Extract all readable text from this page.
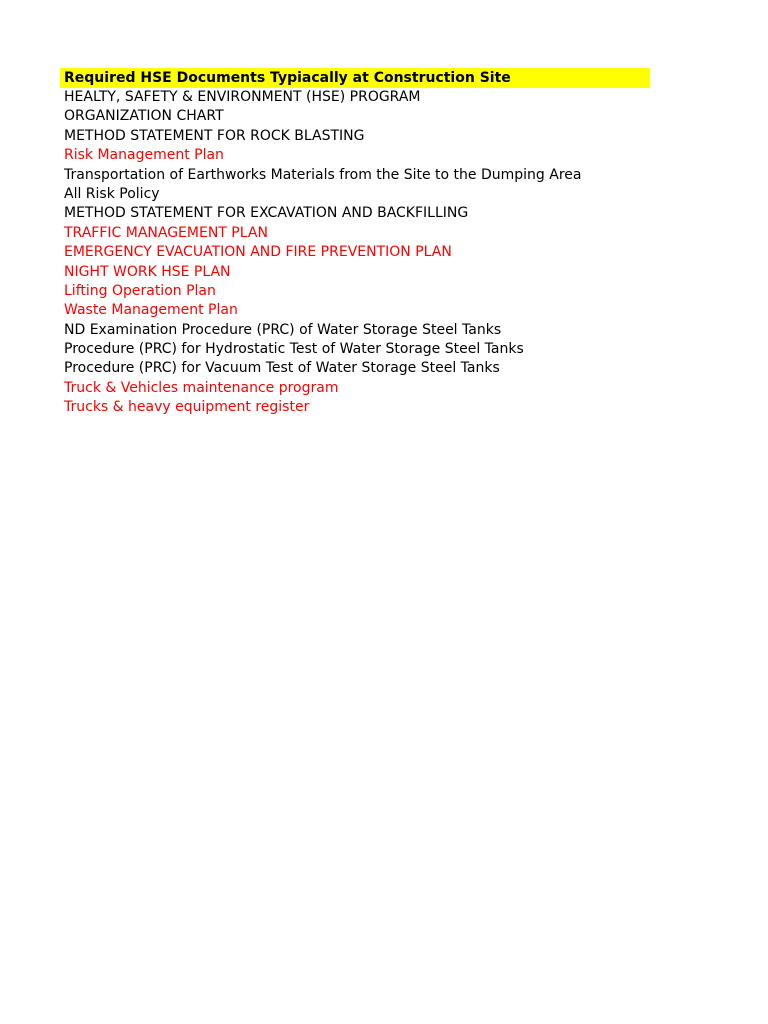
Required HSE Documents Typiacally at Construction Site
HEALTY, SAFETY & ENVIRONMENT (HSE) PROGRAM
ORGANIZATION CHART
METHOD STATEMENT FOR ROCK BLASTING
Risk Management Plan
Transportation of Earthworks Materials from the Site to the Dumping Area
All Risk Policy
METHOD STATEMENT FOR EXCAVATION AND BACKFILLING
TRAFFIC MANAGEMENT PLAN
EMERGENCY EVACUATION AND FIRE PREVENTION PLAN
NIGHT WORK HSE PLAN
Lifting Operation Plan
Waste Management Plan
ND Examination Procedure (PRC) of Water Storage Steel Tanks
Procedure (PRC) for Hydrostatic Test of Water Storage Steel Tanks
Procedure (PRC) for Vacuum Test of Water Storage Steel Tanks
Truck & Vehicles maintenance program
Trucks & heavy equipment register
